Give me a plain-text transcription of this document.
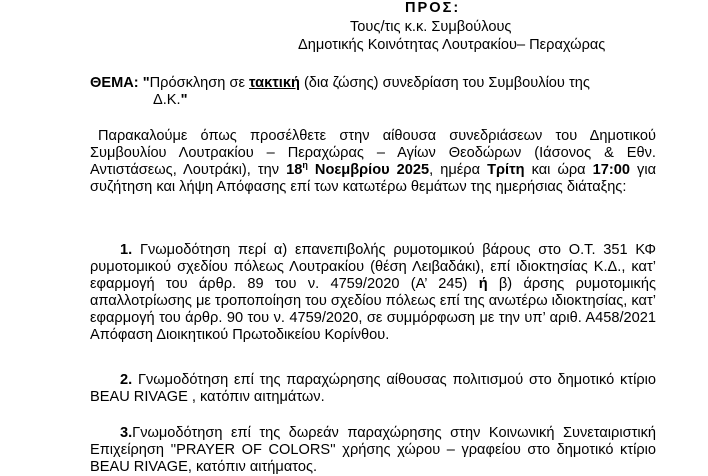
ΠΡΟΣ:
Τους/τις κ.κ. Συμβούλους
Δημοτικής Κοινότητας Λουτρακίου– Περαχώρας
ΘΕΜΑ: "Πρόσκληση σε τακτική (δια ζώσης) συνεδρίαση του Συμβουλίου της
Δ.Κ."
Παρακαλούμε όπως προσέλθετε στην αίθουσα συνεδριάσεων του Δημοτικού Συμβουλίου Λουτρακίου – Περαχώρας – Αγίων Θεοδώρων (Ιάσονος & Εθν. Αντιστάσεως, Λουτράκι), την $18^\eta$ Νοεμβρίου 2025, ημέρα Τρίτη και ώρα 17:00 για συζήτηση και λήψη Απόφασης επί των κατωτέρω θεμάτων της ημερήσιας διάταξης:
1. Γνωμοδότηση περί α) επανεπιβολής ρυμοτομικού βάρους στο Ο.Τ. 351 ΚΦ ρυμοτομικού σχεδίου πόλεως Λουτρακίου (θέση Λειβαδάκι), επί ιδιοκτησίας Κ.Δ., κατ’ εφαρμογή του άρθρ. 89 του ν. 4759/2020 (Α’ 245) ή β) άρσης ρυμοτομικής απαλλοτρίωσης με τροποποίηση του σχεδίου πόλεως επί της ανωτέρω ιδιοκτησίας, κατ’ εφαρμογή του άρθρ. 90 του ν. 4759/2020, σε συμμόρφωση με την υπ’ αριθ. Α458/2021 Απόφαση Διοικητικού Πρωτοδικείου Κορίνθου.
2. Γνωμοδότηση επί της παραχώρησης αίθουσας πολιτισμού στο δημοτικό κτίριο BEAU RIVAGE , κατόπιν αιτημάτων.
3.Γνωμοδότηση επί της δωρεάν παραχώρησης στην Κοινωνική Συνεταιριστική Επιχείρηση ''PRAYER OF COLORS'' χρήσης χώρου – γραφείου στο δημοτικό κτίριο BEAU RIVAGE, κατόπιν αιτήματος.
